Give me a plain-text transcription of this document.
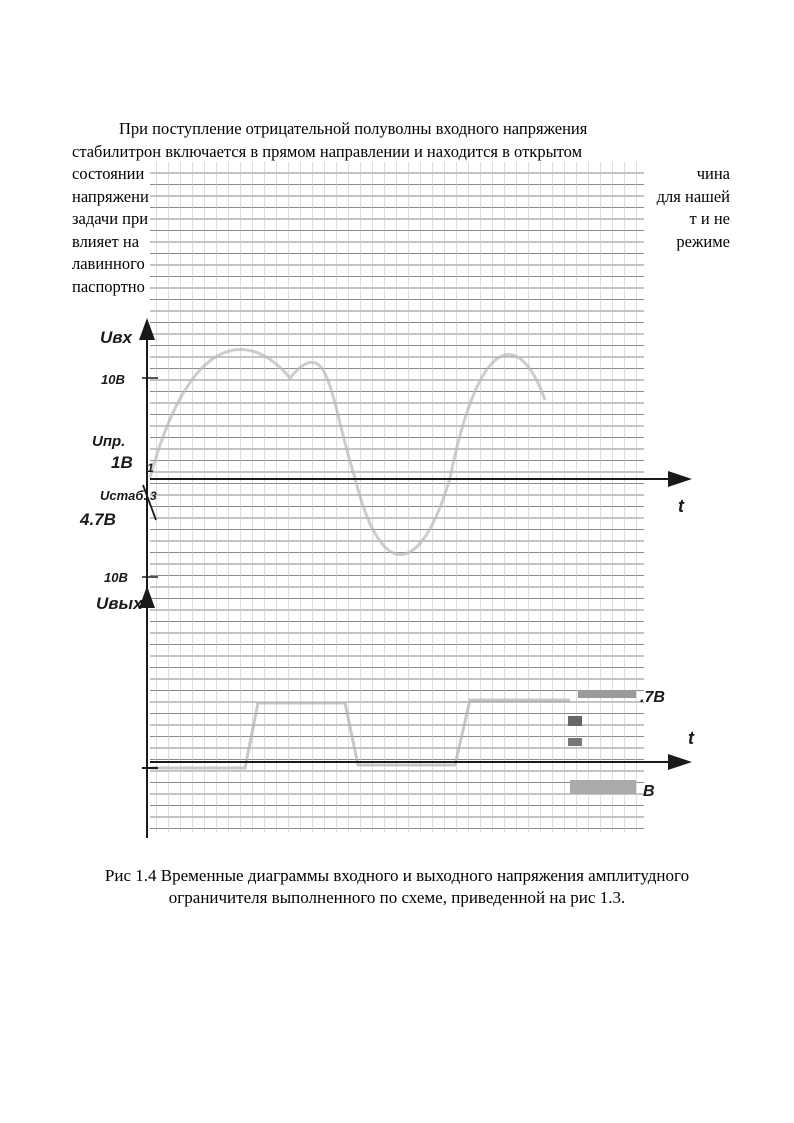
При поступление отрицательной полуволны входного напряжения
стабилитрон включается в прямом направлении и находится в открытом
состоянии	чина
напряжени	для нашей
задачи при	т и не
влияет на	режиме
лавинного
паспортно
Uвх
10В
Uпр.
1В 1
Uстаб. 3
4.7В
10В
Uвых
t
t
.7В
В
Рис 1.4 Временные диаграммы входного и выходного напряжения амплитудного
ограничителя выполненного по схеме, приведенной на рис 1.3.
